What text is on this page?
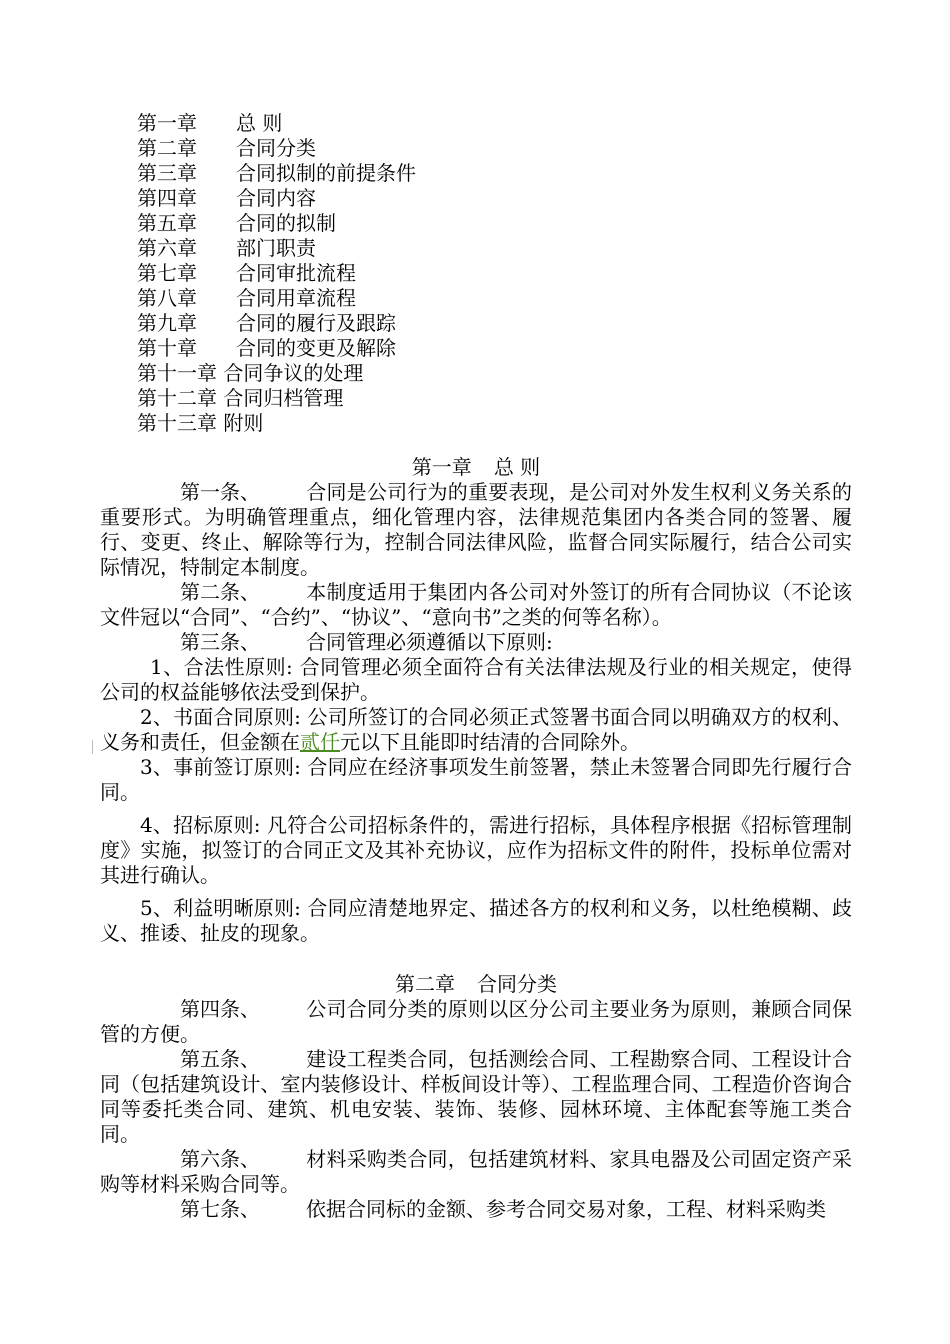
第一章 总 则
第二章 合同分类
第三章 合同拟制的前提条件
第四章 合同内容
第五章 合同的拟制
第六章 部门职责
第七章 合同审批流程
第八章 合同用章流程
第九章 合同的履行及跟踪
第十章 合同的变更及解除
第十一章 合同争议的处理
第十二章 合同归档管理
第十三章 附则
第一章 总 则

第一条、 合同是公司行为的重要表现，是公司对外发生权利义务关系的重要形式。为明确管理重点，细化管理内容，法律规范集团内各类合同的签署、履行、变更、终止、解除等行为，控制合同法律风险，监督合同实际履行，结合公司实际情况，特制定本制度。

第二条、 本制度适用于集团内各公司对外签订的所有合同协议（不论该文件冠以“合同”、“合约”、“协议”、“意向书”之类的何等名称）。

第三条、 合同管理必须遵循以下原则:

1、合法性原则: 合同管理必须全面符合有关法律法规及行业的相关规定，使得公司的权益能够依法受到保护。

2、书面合同原则: 公司所签订的合同必须正式签署书面合同以明确双方的权利、义务和责任，但金额在贰仟元以下且能即时结清的合同除外。

3、事前签订原则: 合同应在经济事项发生前签署，禁止未签署合同即先行履行合同。

4、招标原则: 凡符合公司招标条件的，需进行招标，具体程序根据《招标管理制度》实施，拟签订的合同正文及其补充协议，应作为招标文件的附件，投标单位需对其进行确认。

5、利益明晰原则: 合同应清楚地界定、描述各方的权利和义务，以杜绝模糊、歧义、推诿、扯皮的现象。

第二章 合同分类

第四条、 公司合同分类的原则以区分公司主要业务为原则，兼顾合同保管的方便。

第五条、 建设工程类合同，包括测绘合同、工程勘察合同、工程设计合同（包括建筑设计、室内装修设计、样板间设计等）、工程监理合同、工程造价咨询合同等委托类合同、建筑、机电安装、装饰、装修、园林环境、主体配套等施工类合同。

第六条、 材料采购类合同，包括建筑材料、家具电器及公司固定资产采购等材料采购合同等。

第七条、 依据合同标的金额、参考合同交易对象，工程、材料采购类
